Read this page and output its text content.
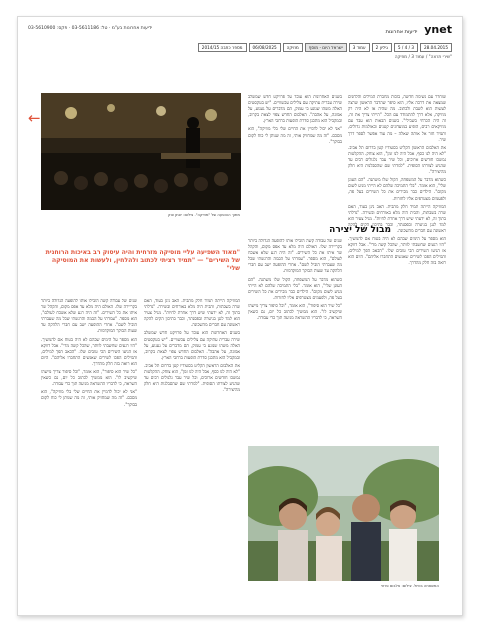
ynet ידיעות אחרונות
ידיעות אחרונות בע"מ · טל: 03-5611186 · פקס: 03-5610900
28.04.2015
3 / 4 / 5
גיליון 2
עמוד 3
ישראל היום - מוסף
מוזיקה
06/08/2025
מספר כתבה 2014/15
"שירי תרצה" / עמוד 3 / מוזיקה
←

שוחרר עם נשימה חדשה, בזכות מחברת המילים והלחנים שמצאה את דרכה אליו, הוא סיפר שהדבר הראשון שרצה לעשות הוא לשבת ולכתוב. מה שהיה אז לא היה רק מוזיקה, אלא דרך להתמודד עם הכל. "הייתי צריך את זה, זה היה הכרחי בשבילי". בשנים הבאות הוא עבד עם מוזיקאים רבים, הופיע במועדונים קטנים ובאולמות גדולים, ותמיד חזר אל אותה שאלה – מה עוד אפשר לספר דרך שיר.

את האלבום הראשון הקליט בסטודיו קטן בדרום תל אביב. "לא היה לנו כסף, אבל היה לנו זמן", הוא צוחק. ההקלטות נמשכו חודשים ארוכים, וכל שיר עבר גלגולים רבים עד שהגיע לצורתו הסופית. "למדתי שם שהסבלנות היא חלק מהיצירה".

כשהוא מדבר על המשפחה, הקול שלו משתנה. "הם העוגן שלי", הוא אומר. "בלי התמיכה שלהם לא הייתי מגיע לשום מקום". הילדים כבר מכירים את כל השירים בעל פה, ולפעמים מצטרפים אליו לחזרות.

המוזיקה הייתה תמיד חלק מהבית. האב ניגן בעוד, האם שרה בשבתות, והבית היה מלא באורחים ובשירה. "גדלתי בתוך זה, לא ידעתי שיש דרך אחרת לחיות". מגיל צעיר הוא למד לנגן בגיטרה ובפסנתר, וכבר בתיכון הקים להקה ראשונה עם חברים מהשכונה.

הוא מספר על הימים שבהם לא היה בטוח אם להמשיך. "היו רגעים שחשבתי לוותר, שהכל קשה מדי". אבל דווקא אז הגיעו השירים הכי טובים שלו. "הכאב הפך למילים, והמילים הפכו לשירים שאנשים התחברו אליהם". היום הוא רואה בזה חלק מהדרך.

בשנים האחרונות הוא עובד על פרויקט חדש שמשלב שירה עברית עתיקה עם צלילים עכשוויים. "יש בטקסטים האלה משהו שנוגע בי עמוק, הם מדברים על געגוע, על אמונה, על אהבה". האלבום החדש צפוי לצאת בקרוב, ובמקביל הוא מתכנן סדרת הופעות ברחבי הארץ.

"אני לא יכול לדמיין את החיים שלי בלי מוזיקה", הוא מסכם. "זה מה שמחזיק אותי, זה מה שנותן לי כוח לקום בבוקר".

מבול של יצירה

שנים של עבודה קשה הובילו אותו להופעה הגדולה ביותר בקריירה שלו. האולם היה מלא עד אפס מקום, והקהל שר איתו את כל השירים. "זה היה רגע שלא אשכח לעולם", הוא מספר. "עמדתי על הבמה והרגשתי שכל מה שעברתי הוביל לשם". אחרי ההופעה ישב עם חברי הלהקה עד שעות הבוקר המוקדמות.

כשהוא מדבר על המשפחה, הקול שלו משתנה. "הם העוגן שלי", הוא אומר. "בלי התמיכה שלהם לא הייתי מגיע לשום מקום". הילדים כבר מכירים את כל השירים בעל פה, ולפעמים מצטרפים אליו לחזרות.

"כל שיר הוא סיפור", הוא אומר, "וכל סיפור צריך מישהו שיקשיב לו". הוא ממשיך לכתוב כל יום, גם כשאין השראה, כי לדבריו ההשראה מגיעה תוך כדי עבודה.

מתוך ההופעה של "מוזיקה". צילום: יונתן צוק
"מאוד השפיעה עליי מוסיקה מזרחית והיה עיסוק רב באיכות הרוחנית של השירים" — "תמיד רציתי לכתוב ולהלחין, ולעשות את המוסיקה שלי"

שנים של עבודה קשה הובילו אותו להופעה הגדולה ביותר בקריירה שלו. האולם היה מלא עד אפס מקום, והקהל שר איתו את כל השירים. "זה היה רגע שלא אשכח לעולם", הוא מספר. "עמדתי על הבמה והרגשתי שכל מה שעברתי הוביל לשם". אחרי ההופעה ישב עם חברי הלהקה עד שעות הבוקר המוקדמות.

הוא מספר על הימים שבהם לא היה בטוח אם להמשיך. "היו רגעים שחשבתי לוותר, שהכל קשה מדי". אבל דווקא אז הגיעו השירים הכי טובים שלו. "הכאב הפך למילים, והמילים הפכו לשירים שאנשים התחברו אליהם". היום הוא רואה בזה חלק מהדרך.

"כל שיר הוא סיפור", הוא אומר, "וכל סיפור צריך מישהו שיקשיב לו". הוא ממשיך לכתוב כל יום, גם כשאין השראה, כי לדבריו ההשראה מגיעה תוך כדי עבודה.

"אני לא יכול לדמיין את החיים שלי בלי מוזיקה", הוא מסכם. "זה מה שמחזיק אותי, זה מה שנותן לי כוח לקום בבוקר".

המוזיקה הייתה תמיד חלק מהבית. האב ניגן בעוד, האם שרה בשבתות, והבית היה מלא באורחים ובשירה. "גדלתי בתוך זה, לא ידעתי שיש דרך אחרת לחיות". מגיל צעיר הוא למד לנגן בגיטרה ובפסנתר, וכבר בתיכון הקים להקה ראשונה עם חברים מהשכונה.

בשנים האחרונות הוא עובד על פרויקט חדש שמשלב שירה עברית עתיקה עם צלילים עכשוויים. "יש בטקסטים האלה משהו שנוגע בי עמוק, הם מדברים על געגוע, על אמונה, על אהבה". האלבום החדש צפוי לצאת בקרוב, ובמקביל הוא מתכנן סדרת הופעות ברחבי הארץ.

את האלבום הראשון הקליט בסטודיו קטן בדרום תל אביב. "לא היה לנו כסף, אבל היה לנו זמן", הוא צוחק. ההקלטות נמשכו חודשים ארוכים, וכל שיר עבר גלגולים רבים עד שהגיע לצורתו הסופית. "למדתי שם שהסבלנות היא חלק מהיצירה".

המשפחה בטיול. צילום: אלבום פרטי
